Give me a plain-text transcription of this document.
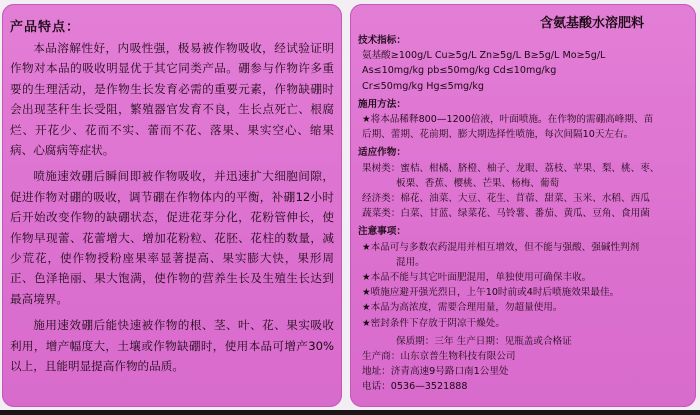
产品特点：

本品溶解性好，内吸性强，极易被作物吸收，经试验证明作物对本品的吸收明显优于其它同类产品。硼参与作物许多重要的生理活动，是作物生长发育必需的重要元素，作物缺硼时会出现茎秆生长受阻，繁殖器官发育不良，生长点死亡、根腐烂、开花少、花而不实、蕾而不花、落果、果实空心、缩果病、心腐病等症状。

喷施速效硼后瞬间即被作物吸收，并迅速扩大细胞间隙，促进作物对硼的吸收，调节硼在作物体内的平衡，补硼12小时后开始改变作物的缺硼状态，促进花芽分化，花粉管伸长，使作物早现蕾、花蕾增大、增加花粉粒、花胚、花柱的数量，减少荒花，使作物授粉座果率显著提高、果实膨大快，果形周正、色泽艳丽、果大饱满，使作物的营养生长及生殖生长达到最高境界。

施用速效硼后能快速被作物的根、茎、叶、花、果实吸收利用，增产幅度大，土壤或作物缺硼时，使用本品可增产30%以上，且能明显提高作物的品质。

含氨基酸水溶肥料
技术指标：
氨基酸≥100g/L Cu≥5g/L Zn≥5g/L B≥5g/L Mo≥5g/L
As≤10mg/kg pb≤50mg/kg Cd≤10mg/kg
Cr≤50mg/kg Hg≤5mg/kg
施用方法：
★将本品稀释800—1200倍液，叶面喷施。在作物的需硼高峰期、苗
后期、蕾期、花前期、膨大期选择性喷施，每次间隔10天左右。
适应作物：
果树类：蜜桔、柑橘、脐橙、柚子、龙眼、荔枝、苹果、梨、桃、枣、
板栗、香蕉、樱桃、芒果、杨梅、葡萄
经济类：棉花、油菜、大豆、花生、苜蓿、甜菜、玉米、水稻、西瓜
蔬菜类：白菜、甘蓝、绿菜花、马铃薯、番茄、黄瓜、豆角、食用菌
注意事项：
★本品可与多数农药混用并相互增效，但不能与强酸、强碱性判剂
混用。
★本品不能与其它叶面肥混用，单独使用可确保丰收。
★喷施应避开强光烈日，上午10时前或4时后喷施效果最佳。
★本品为高浓度，需要合理用量，勿超量使用。
★密封条件下存放于阴凉干燥处。
保质期：三年 生产日期：见瓶盖或合格证
生产商：山东京普生物科技有限公司
地址：济青高速9号路口南1公里处
电话：0536—3521888
